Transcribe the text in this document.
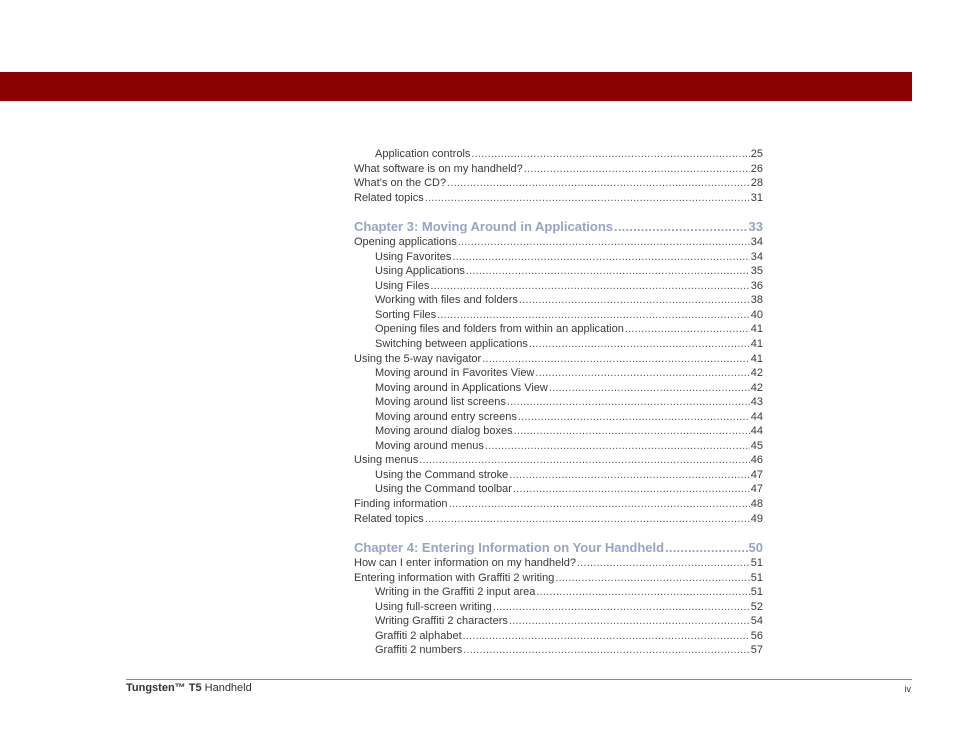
Application controls .....	25
What software is on my handheld? .....	26
What’s on the CD? .....	28
Related topics .....	31
Chapter 3: Moving Around in Applications .....	33
Opening applications .....	34
Using Favorites .....	34
Using Applications .....	35
Using Files .....	36
Working with files and folders .....	38
Sorting Files .....	40
Opening files and folders from within an application .....	41
Switching between applications .....	41
Using the 5-way navigator .....	41
Moving around in Favorites View .....	42
Moving around in Applications View .....	42
Moving around list screens .....	43
Moving around entry screens .....	44
Moving around dialog boxes .....	44
Moving around menus .....	45
Using menus .....	46
Using the Command stroke .....	47
Using the Command toolbar .....	47
Finding information .....	48
Related topics .....	49
Chapter 4: Entering Information on Your Handheld .....	50
How can I enter information on my handheld? .....	51
Entering information with Graffiti 2 writing .....	51
Writing in the Graffiti 2 input area .....	51
Using full-screen writing .....	52
Writing Graffiti 2 characters .....	54
Graffiti 2 alphabet .....	56
Graffiti 2 numbers .....	57
Tungsten™ T5 Handheld	iv
